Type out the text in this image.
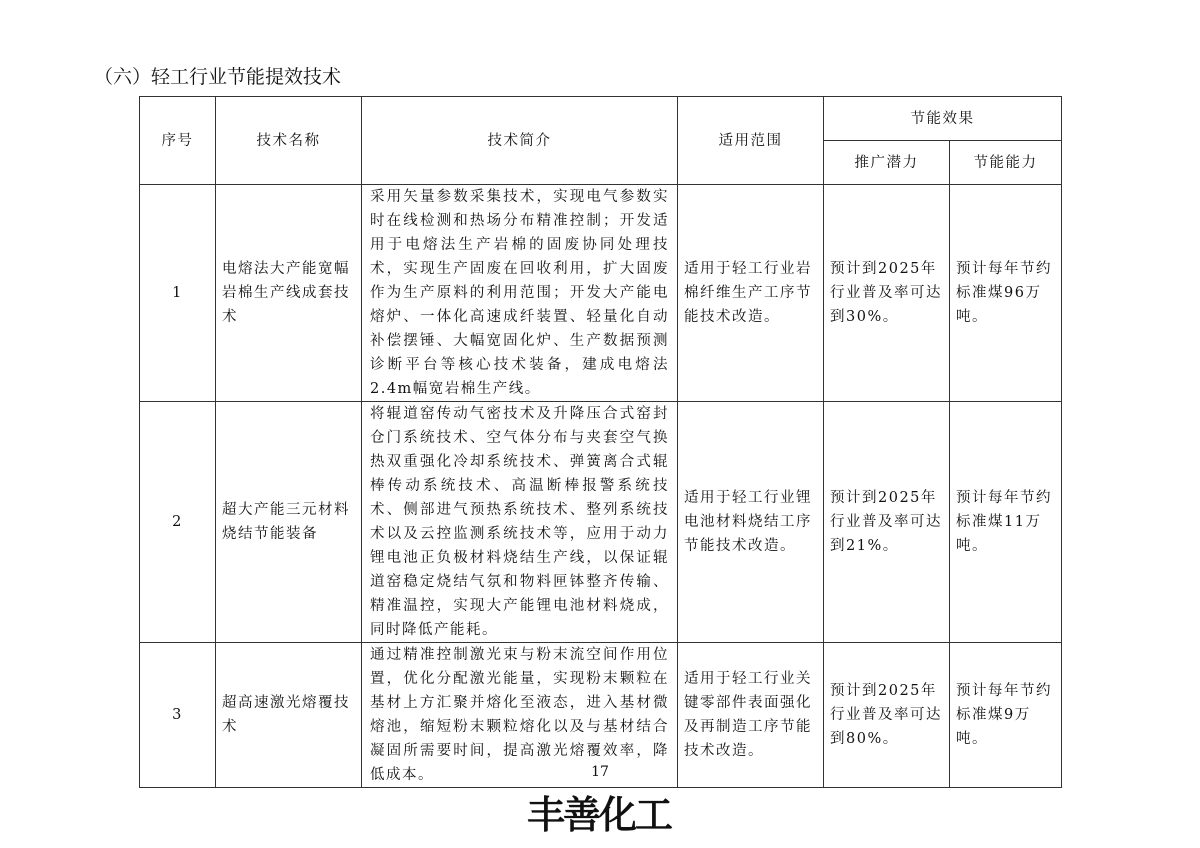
（六）轻工行业节能提效技术
序号	技术名称	技术简介	适用范围	节能效果	
				推广潜力	节能能力
1	电熔法大产能宽幅岩棉生产线成套技术	采用矢量参数采集技术，实现电气参数实时在线检测和热场分布精准控制；开发适用于电熔法生产岩棉的固废协同处理技术，实现生产固废在回收利用，扩大固废作为生产原料的利用范围；开发大产能电熔炉、一体化高速成纤装置、轻量化自动补偿摆锤、大幅宽固化炉、生产数据预测诊断平台等核心技术装备，建成电熔法2.4m幅宽岩棉生产线。	适用于轻工行业岩棉纤维生产工序节能技术改造。	预计到2025年行业普及率可达到30%。	预计每年节约标准煤96万吨。
2	超大产能三元材料烧结节能装备	将辊道窑传动气密技术及升降压合式窑封仓门系统技术、空气体分布与夹套空气换热双重强化冷却系统技术、弹簧离合式辊棒传动系统技术、高温断棒报警系统技术、侧部进气预热系统技术、整列系统技术以及云控监测系统技术等，应用于动力锂电池正负极材料烧结生产线，以保证辊道窑稳定烧结气氛和物料匣钵整齐传输、精准温控，实现大产能锂电池材料烧成，同时降低产能耗。	适用于轻工行业锂电池材料烧结工序节能技术改造。	预计到2025年行业普及率可达到21%。	预计每年节约标准煤11万吨。
3	超高速激光熔覆技术	通过精准控制激光束与粉末流空间作用位置，优化分配激光能量，实现粉末颗粒在基材上方汇聚并熔化至液态，进入基材微熔池，缩短粉末颗粒熔化以及与基材结合凝固所需要时间，提高激光熔覆效率，降低成本。	适用于轻工行业关键零部件表面强化及再制造工序节能技术改造。	预计到2025年行业普及率可达到80%。	预计每年节约标准煤9万吨。
17
丰善化工
